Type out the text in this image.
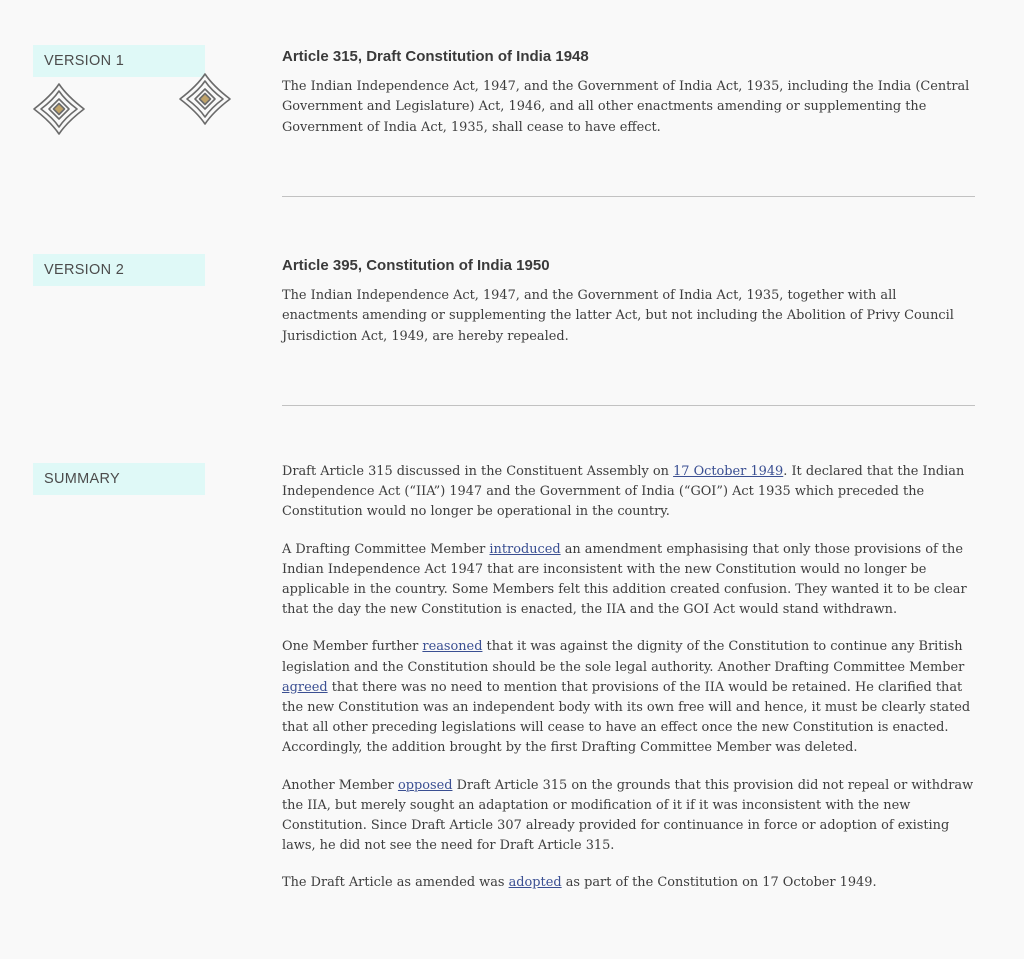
VERSION 1	Article 315, Draft Constitution of India 1948

The Indian Independence Act, 1947, and the Government of India Act, 1935, including the India (Central Government and Legislature) Act, 1946, and all other enactments amending or supplementing the Government of India Act, 1935, shall cease to have effect.

VERSION 2	Article 395, Constitution of India 1950

The Indian Independence Act, 1947, and the Government of India Act, 1935, together with all enactments amending or supplementing the latter Act, but not including the Abolition of Privy Council Jurisdiction Act, 1949, are hereby repealed.

SUMMARY	Draft Article 315 discussed in the Constituent Assembly on 17 October 1949. It declared that the Indian Independence Act (“IIA”) 1947 and the Government of India (“GOI”) Act 1935 which preceded the Constitution would no longer be operational in the country.

A Drafting Committee Member introduced an amendment emphasising that only those provisions of the Indian Independence Act 1947 that are inconsistent with the new Constitution would no longer be applicable in the country. Some Members felt this addition created confusion. They wanted it to be clear that the day the new Constitution is enacted, the IIA and the GOI Act would stand withdrawn.

One Member further reasoned that it was against the dignity of the Constitution to continue any British legislation and the Constitution should be the sole legal authority. Another Drafting Committee Member agreed that there was no need to mention that provisions of the IIA would be retained. He clarified that the new Constitution was an independent body with its own free will and hence, it must be clearly stated that all other preceding legislations will cease to have an effect once the new Constitution is enacted. Accordingly, the addition brought by the first Drafting Committee Member was deleted.

Another Member opposed Draft Article 315 on the grounds that this provision did not repeal or withdraw the IIA, but merely sought an adaptation or modification of it if it was inconsistent with the new Constitution. Since Draft Article 307 already provided for continuance in force or adoption of existing laws, he did not see the need for Draft Article 315.

The Draft Article as amended was adopted as part of the Constitution on 17 October 1949.
